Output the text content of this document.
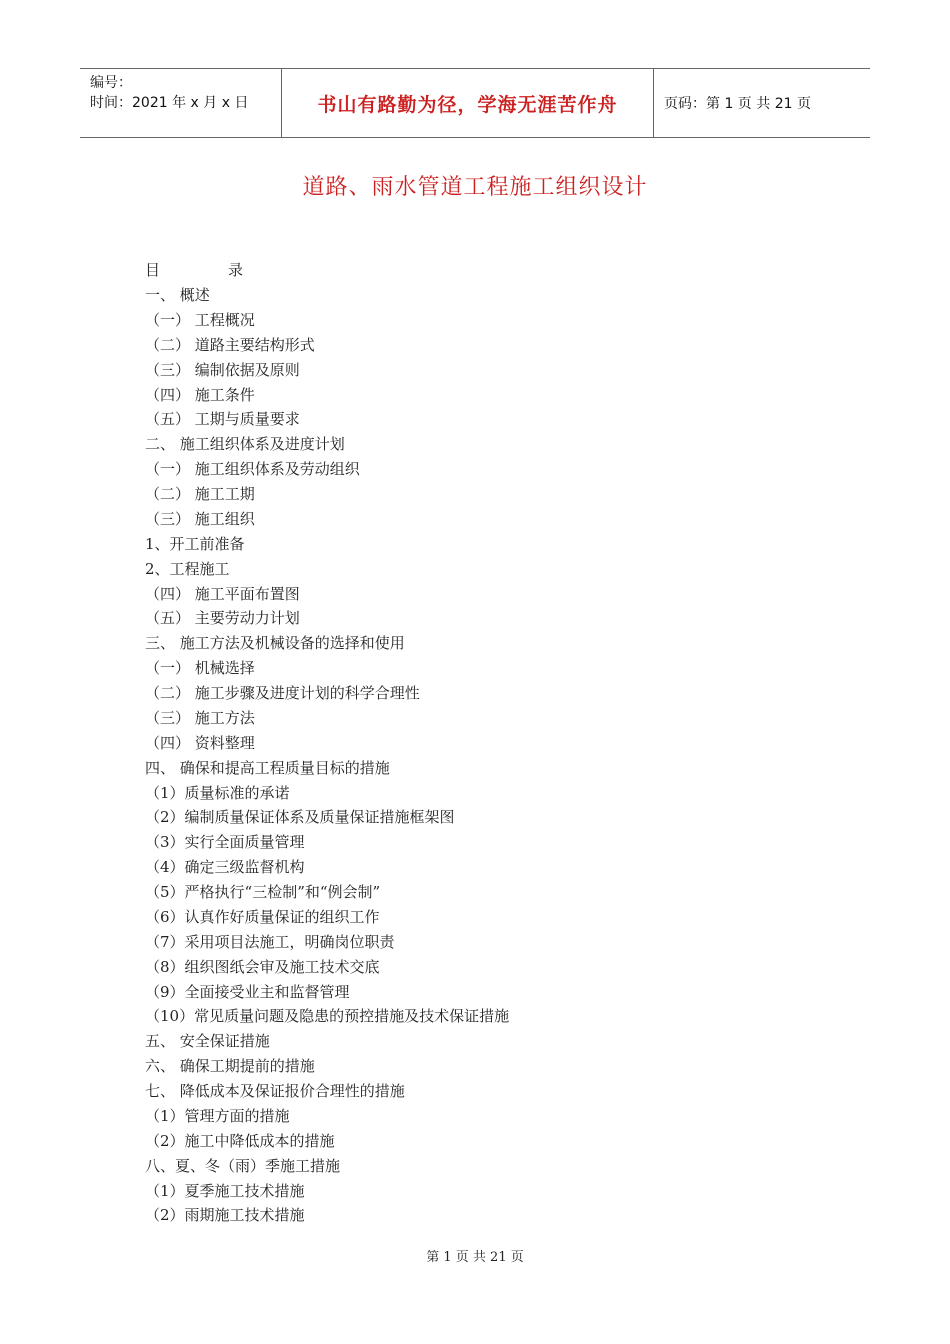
编号：
时间：2021 年 x 月 x 日	书山有路勤为径，学海无涯苦作舟	页码：第 1 页 共 21 页
道路、雨水管道工程施工组织设计
目	录
一、 概述
（一） 工程概况
（二） 道路主要结构形式
（三） 编制依据及原则
（四） 施工条件
（五） 工期与质量要求
二、 施工组织体系及进度计划
（一） 施工组织体系及劳动组织
（二） 施工工期
（三） 施工组织
1、开工前准备
2、工程施工
（四） 施工平面布置图
（五） 主要劳动力计划
三、 施工方法及机械设备的选择和使用
（一） 机械选择
（二） 施工步骤及进度计划的科学合理性
（三） 施工方法
（四） 资料整理
四、 确保和提高工程质量目标的措施
（1）质量标准的承诺
（2）编制质量保证体系及质量保证措施框架图
（3）实行全面质量管理
（4）确定三级监督机构
（5）严格执行“三检制”和“例会制”
（6）认真作好质量保证的组织工作
（7）采用项目法施工，明确岗位职责
（8）组织图纸会审及施工技术交底
（9）全面接受业主和监督管理
（10）常见质量问题及隐患的预控措施及技术保证措施
五、 安全保证措施
六、 确保工期提前的措施
七、 降低成本及保证报价合理性的措施
（1）管理方面的措施
（2）施工中降低成本的措施
八、夏、冬（雨）季施工措施
（1）夏季施工技术措施
（2）雨期施工技术措施
第 1 页 共 21 页
